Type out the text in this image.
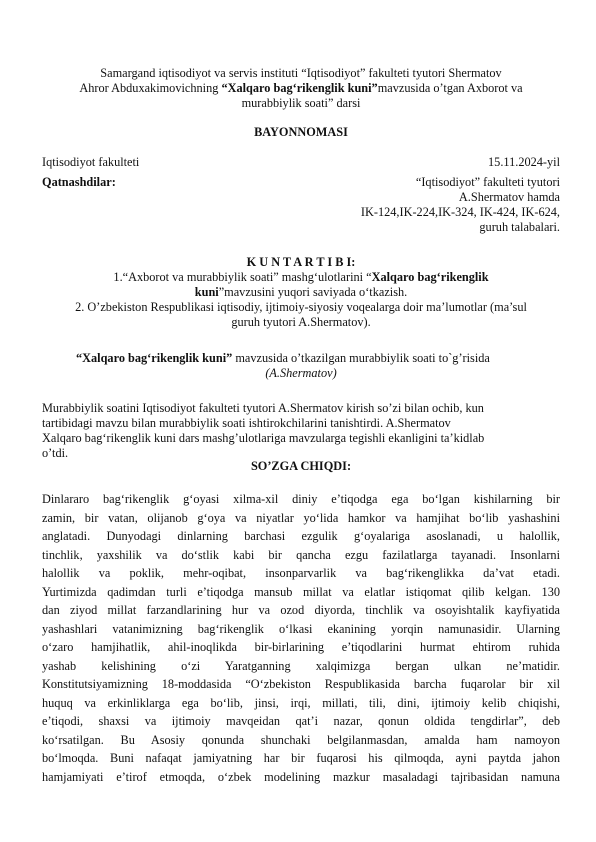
Samargand iqtisodiyot va servis instituti “Iqtisodiyot” fakulteti tyutori Shermatov
Ahror Abduxakimovichning “Xalqaro bag‘rikenglik kuni”mavzusida o’tgan Axborot va
murabbiylik soati” darsi
BAYONNOMASI
Iqtisodiyot fakulteti	15.11.2024-yil
Qatnashdilar:	“Iqtisodiyot” fakulteti tyutori
A.Shermatov hamda
IK-124,IK-224,IK-324, IK-424, IK-624,
guruh talabalari.
K U N T A R T I B I:
1.“Axborot va murabbiylik soati” mashg‘ulotlarini “Xalqaro bag‘rikenglik
kuni”mavzusini yuqori saviyada o‘tkazish.
2. O’zbekiston Respublikasi iqtisodiy, ijtimoiy-siyosiy voqealarga doir ma’lumotlar (ma’sul
guruh tyutori A.Shermatov).
“Xalqaro bag‘rikenglik kuni” mavzusida o’tkazilgan murabbiylik soati to`g’risida
(A.Shermatov)
Murabbiylik soatini Iqtisodiyot fakulteti tyutori A.Shermatov kirish so’zi bilan ochib, kun
tartibidagi mavzu bilan murabbiylik soati ishtirokchilarini tanishtirdi. A.Shermatov
Xalqaro bag‘rikenglik kuni dars mashg’ulotlariga mavzularga tegishli ekanligini ta’kidlab
o’tdi.
SO’ZGA CHIQDI:
Dinlararo bag‘rikenglik g‘oyasi xilma-xil diniy e’tiqodga ega bo‘lgan kishilarning bir
zamin, bir vatan, olijanob g‘oya va niyatlar yo‘lida hamkor va hamjihat bo‘lib yashashini
anglatadi. Dunyodagi dinlarning barchasi ezgulik g‘oyalariga asoslanadi, u halollik,
tinchlik, yaxshilik va do‘stlik kabi bir qancha ezgu fazilatlarga tayanadi. Insonlarni
halollik va poklik, mehr-oqibat, insonparvarlik va bag‘rikenglikka da’vat etadi.
Yurtimizda qadimdan turli e’tiqodga mansub millat va elatlar istiqomat qilib kelgan. 130
dan ziyod millat farzandlarining hur va ozod diyorda, tinchlik va osoyishtalik kayfiyatida
yashashlari vatanimizning bag‘rikenglik o‘lkasi ekanining yorqin namunasidir. Ularning
o‘zaro hamjihatlik, ahil-inoqlikda bir-birlarining e’tiqodlarini hurmat ehtirom ruhida
yashab kelishining o‘zi Yaratganning xalqimizga bergan ulkan ne’matidir.
Konstitutsiyamizning 18-moddasida “O‘zbekiston Respublikasida barcha fuqarolar bir xil
huquq va erkinliklarga ega bo‘lib, jinsi, irqi, millati, tili, dini, ijtimoiy kelib chiqishi,
e’tiqodi, shaxsi va ijtimoiy mavqeidan qat’i nazar, qonun oldida tengdirlar”, deb
ko‘rsatilgan. Bu Asosiy qonunda shunchaki belgilanmasdan, amalda ham namoyon
bo‘lmoqda. Buni nafaqat jamiyatning har bir fuqarosi his qilmoqda, ayni paytda jahon
hamjamiyati e’tirof etmoqda, o‘zbek modelining mazkur masaladagi tajribasidan namuna
